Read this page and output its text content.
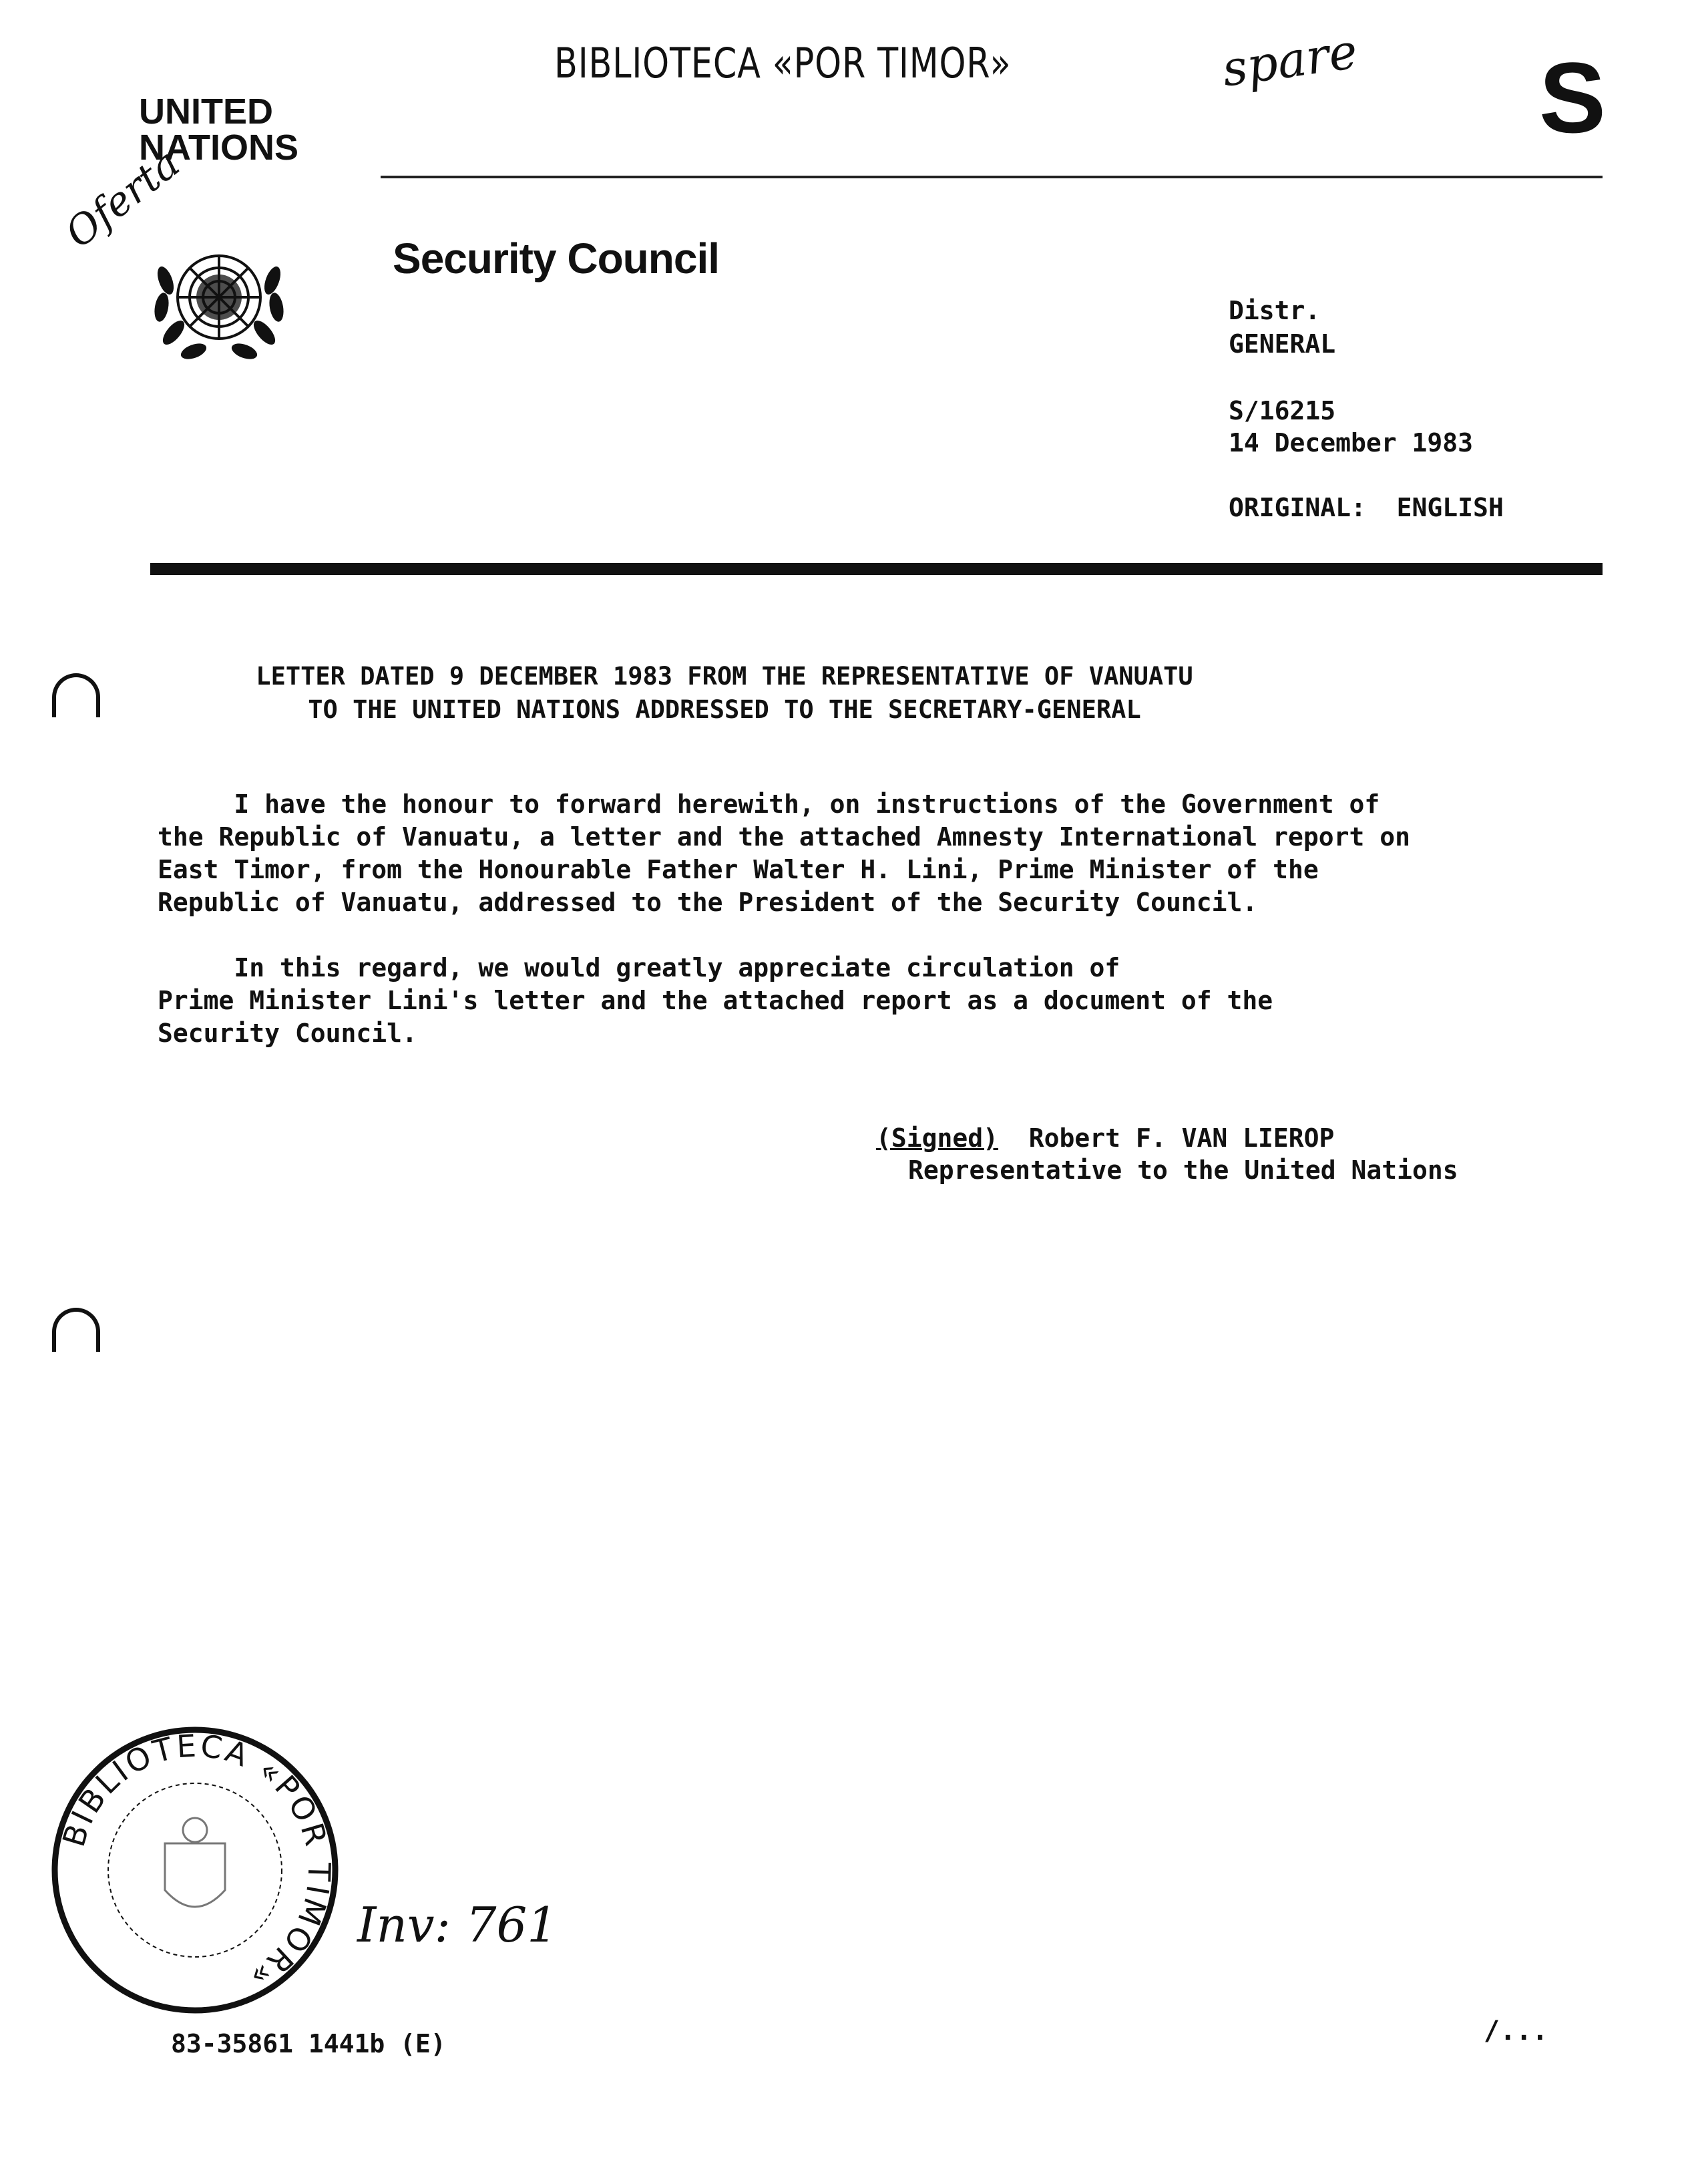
BIBLIOTECA «POR TIMOR»	spare S
UNITED
NATIONS
Oferta
Security Council
Distr.
GENERAL
S/16215
14 December 1983
ORIGINAL: ENGLISH
LETTER DATED 9 DECEMBER 1983 FROM THE REPRESENTATIVE OF VANUATU
TO THE UNITED NATIONS ADDRESSED TO THE SECRETARY-GENERAL
I have the honour to forward herewith, on instructions of the Government of
the Republic of Vanuatu, a letter and the attached Amnesty International report on
East Timor, from the Honourable Father Walter H. Lini, Prime Minister of the
Republic of Vanuatu, addressed to the President of the Security Council.
In this regard, we would greatly appreciate circulation of
Prime Minister Lini's letter and the attached report as a document of the
Security Council.
(Signed) Robert F. VAN LIEROP
Representative to the United Nations
BIBLIOTECA «POR TIMOR»
Inv: 761
83-35861 1441b (E)	/...
